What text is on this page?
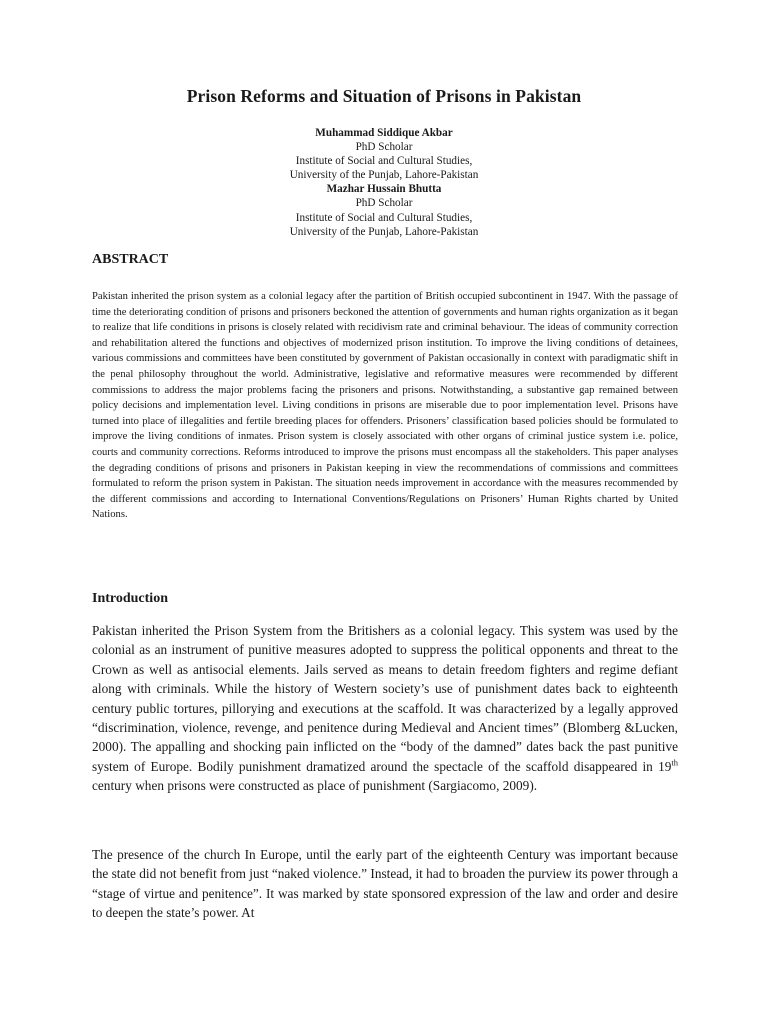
Prison Reforms and Situation of Prisons in Pakistan
Muhammad Siddique Akbar
PhD Scholar
Institute of Social and Cultural Studies,
University of the Punjab, Lahore-Pakistan
Mazhar Hussain Bhutta
PhD Scholar
Institute of Social and Cultural Studies,
University of the Punjab, Lahore-Pakistan
ABSTRACT

Pakistan inherited the prison system as a colonial legacy after the partition of British occupied subcontinent in 1947. With the passage of time the deteriorating condition of prisons and prisoners beckoned the attention of governments and human rights organization as it began to realize that life conditions in prisons is closely related with recidivism rate and criminal behaviour. The ideas of community correction and rehabilitation altered the functions and objectives of modernized prison institution. To improve the living conditions of detainees, various commissions and committees have been constituted by government of Pakistan occasionally in context with paradigmatic shift in the penal philosophy throughout the world. Administrative, legislative and reformative measures were recommended by different commissions to address the major problems facing the prisoners and prisons. Notwithstanding, a substantive gap remained between policy decisions and implementation level. Living conditions in prisons are miserable due to poor implementation level. Prisons have turned into place of illegalities and fertile breeding places for offenders. Prisoners’ classification based policies should be formulated to improve the living conditions of inmates. Prison system is closely associated with other organs of criminal justice system i.e. police, courts and community corrections. Reforms introduced to improve the prisons must encompass all the stakeholders. This paper analyses the degrading conditions of prisons and prisoners in Pakistan keeping in view the recommendations of commissions and committees formulated to reform the prison system in Pakistan. The situation needs improvement in accordance with the measures recommended by the different commissions and according to International Conventions/Regulations on Prisoners’ Human Rights charted by United Nations.

Introduction

Pakistan inherited the Prison System from the Britishers as a colonial legacy. This system was used by the colonial as an instrument of punitive measures adopted to suppress the political opponents and threat to the Crown as well as antisocial elements. Jails served as means to detain freedom fighters and regime defiant along with criminals. While the history of Western society’s use of punishment dates back to eighteenth century public tortures, pillorying and executions at the scaffold. It was characterized by a legally approved “discrimination, violence, revenge, and penitence during Medieval and Ancient times” (Blomberg &Lucken, 2000). The appalling and shocking pain inflicted on the “body of the damned” dates back the past punitive system of Europe. Bodily punishment dramatized around the spectacle of the scaffold disappeared in 19th century when prisons were constructed as place of punishment (Sargiacomo, 2009).

The presence of the church In Europe, until the early part of the eighteenth Century was important because the state did not benefit from just “naked violence.” Instead, it had to broaden the purview its power through a “stage of virtue and penitence”. It was marked by state sponsored expression of the law and order and desire to deepen the state’s power. At
